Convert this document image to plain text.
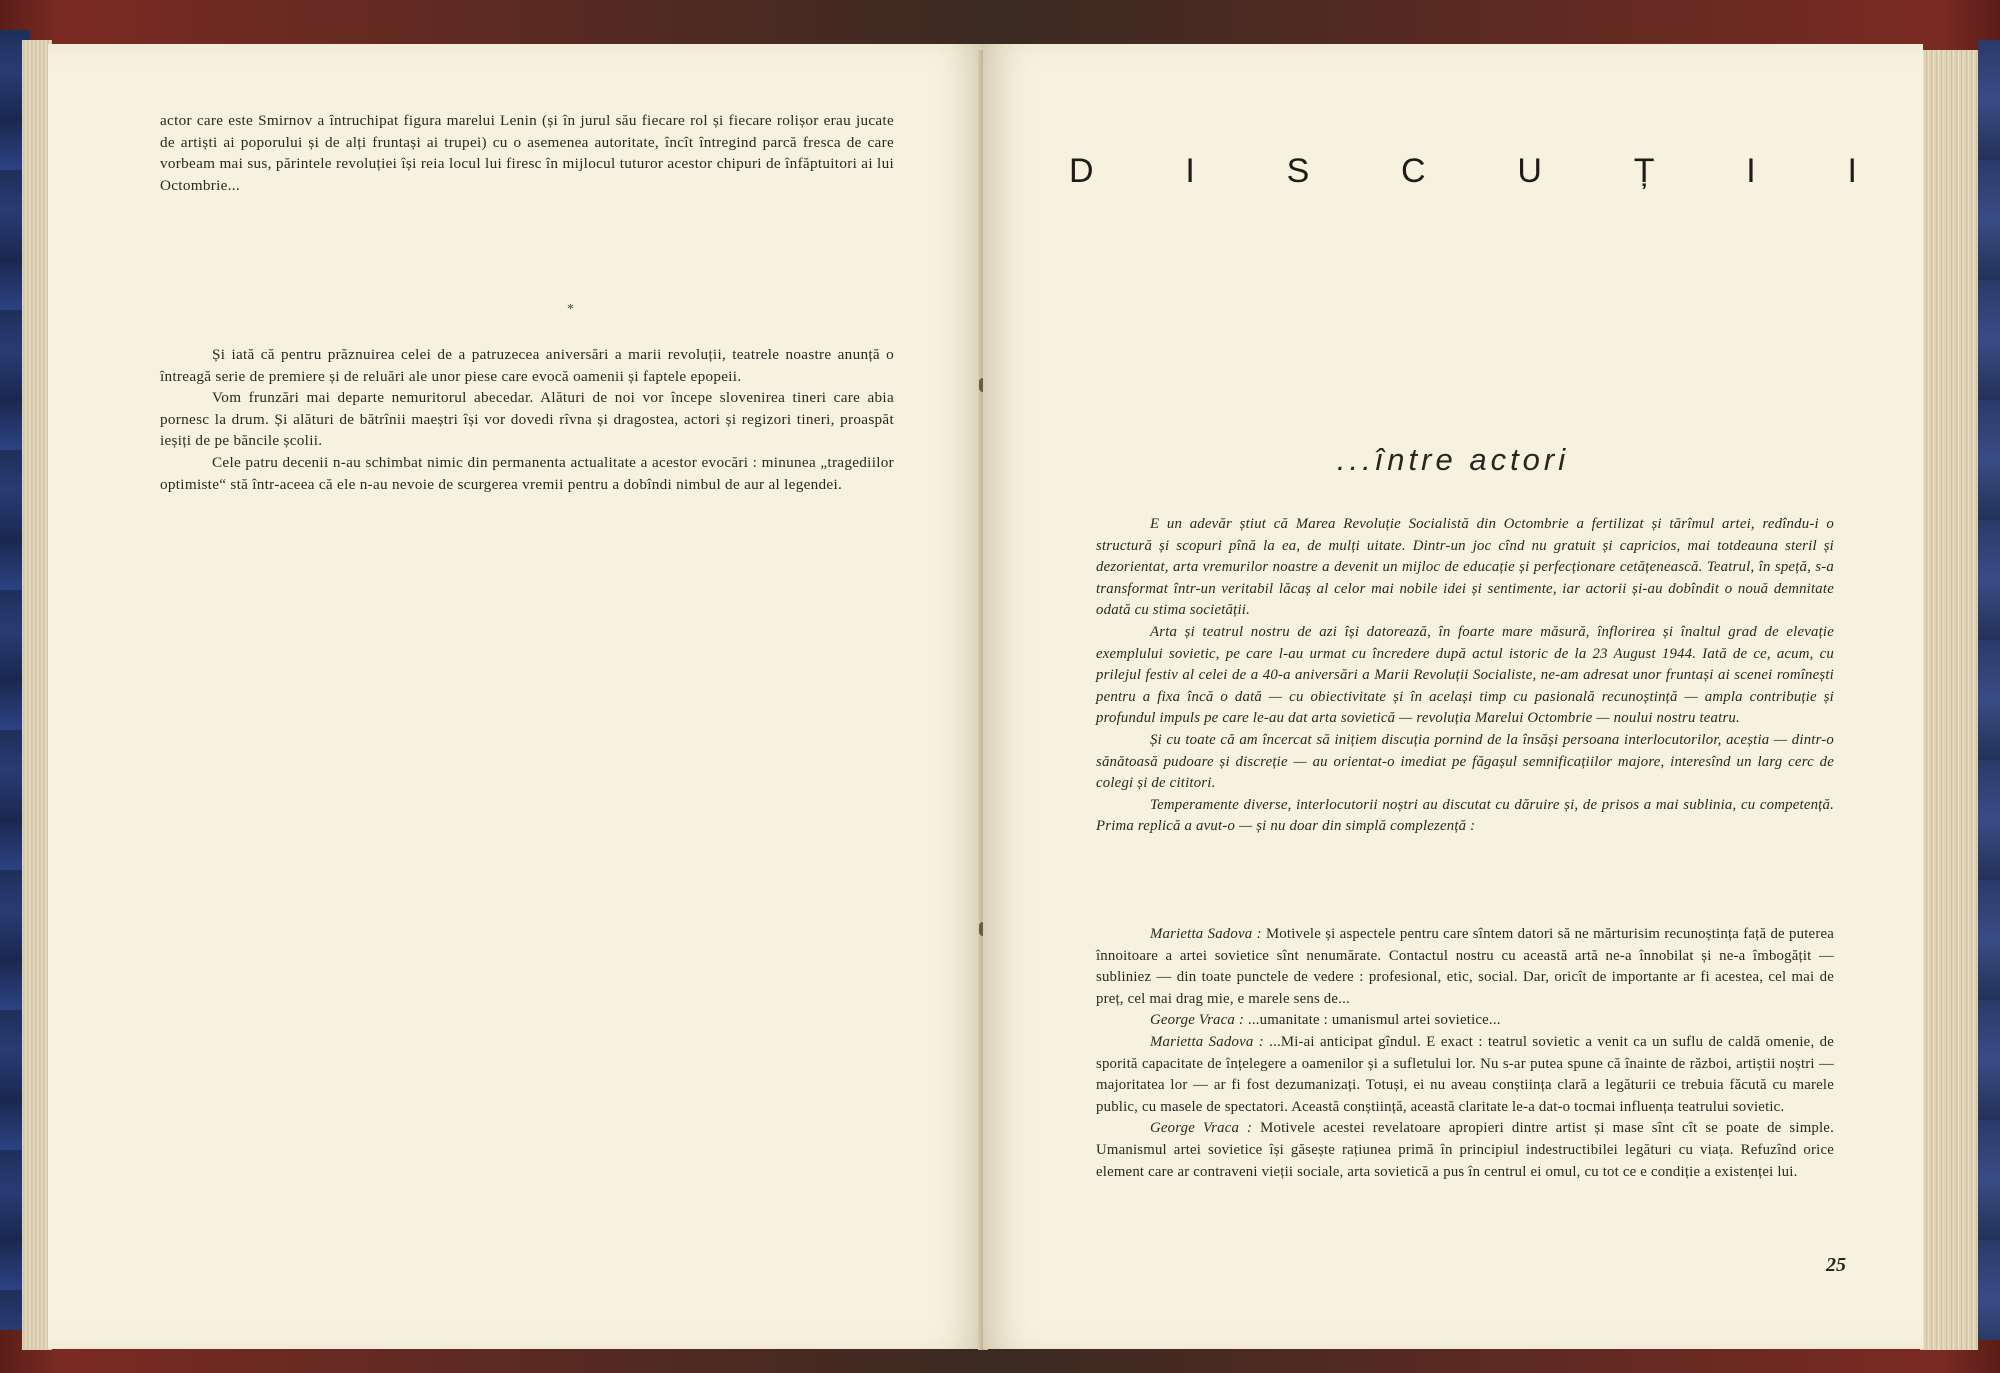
actor care este Smirnov a întruchipat figura marelui Lenin (și în jurul său fiecare rol și fiecare rolișor erau jucate de artiști ai poporului și de alți fruntași ai trupei) cu o asemenea autoritate, încît întregind parcă fresca de care vorbeam mai sus, părintele revoluției își reia locul lui firesc în mijlocul tuturor acestor chipuri de înfăptuitori ai lui Octombrie...

*

Și iată că pentru prăznuirea celei de a patruzecea aniversări a marii revoluții, teatrele noastre anunță o întreagă serie de premiere și de reluări ale unor piese care evocă oamenii și faptele epopeii.

Vom frunzări mai departe nemuritorul abecedar. Alături de noi vor începe slovenirea tineri care abia pornesc la drum. Și alături de bătrînii maeștri își vor dovedi rîvna și dragostea, actori și regizori tineri, proaspăt ieșiți de pe băncile școlii.

Cele patru decenii n-au schimbat nimic din permanenta actualitate a acestor evocări : minunea „tragediilor optimiste“ stă într-aceea că ele n-au nevoie de scurgerea vremii pentru a dobîndi nimbul de aur al legendei.

D	I	S	C	U	Ț	I	I
...între actori

E un adevăr știut că Marea Revoluție Socialistă din Octombrie a fertilizat și tărîmul artei, redîndu-i o structură și scopuri pînă la ea, de mulți uitate. Dintr-un joc cînd nu gratuit și capricios, mai totdeauna steril și dezorientat, arta vremurilor noastre a devenit un mijloc de educație și perfecționare cetățenească. Teatrul, în speță, s-a transformat într-un veritabil lăcaș al celor mai nobile idei și sentimente, iar actorii și-au dobîndit o nouă demnitate odată cu stima societății.

Arta și teatrul nostru de azi își datorează, în foarte mare măsură, înflorirea și înaltul grad de elevație exemplului sovietic, pe care l-au urmat cu încredere după actul istoric de la 23 August 1944. Iată de ce, acum, cu prilejul festiv al celei de a 40-a aniversări a Marii Revoluții Socialiste, ne-am adresat unor fruntași ai scenei romînești pentru a fixa încă o dată — cu obiectivitate și în același timp cu pasională recunoștință — ampla contribuție și profundul impuls pe care le-au dat arta sovietică — revoluția Marelui Octombrie — noului nostru teatru.

Și cu toate că am încercat să inițiem discuția pornind de la însăși persoana interlocutorilor, aceștia — dintr-o sănătoasă pudoare și discreție — au orientat-o imediat pe făgașul semnificațiilor majore, interesînd un larg cerc de colegi și de cititori.

Temperamente diverse, interlocutorii noștri au discutat cu dăruire și, de prisos a mai sublinia, cu competență. Prima replică a avut-o — și nu doar din simplă complezență :

Marietta Sadova : Motivele și aspectele pentru care sîntem datori să ne mărturisim recunoștința față de puterea înnoitoare a artei sovietice sînt nenumărate. Contactul nostru cu această artă ne-a înnobilat și ne-a îmbogățit — subliniez — din toate punctele de vedere : profesional, etic, social. Dar, oricît de importante ar fi acestea, cel mai de preț, cel mai drag mie, e marele sens de...

George Vraca : ...umanitate : umanismul artei sovietice...

Marietta Sadova : ...Mi-ai anticipat gîndul. E exact : teatrul sovietic a venit ca un suflu de caldă omenie, de sporită capacitate de înțelegere a oamenilor și a sufletului lor. Nu s-ar putea spune că înainte de război, artiștii noștri — majoritatea lor — ar fi fost dezumanizați. Totuși, ei nu aveau conștiința clară a legăturii ce trebuia făcută cu marele public, cu masele de spectatori. Această conștiință, această claritate le-a dat-o tocmai influența teatrului sovietic.

George Vraca : Motivele acestei revelatoare apropieri dintre artist și mase sînt cît se poate de simple. Umanismul artei sovietice își găsește rațiunea primă în principiul indestructibilei legături cu viața. Refuzînd orice element care ar contraveni vieții sociale, arta sovietică a pus în centrul ei omul, cu tot ce e condiție a existenței lui.

25
